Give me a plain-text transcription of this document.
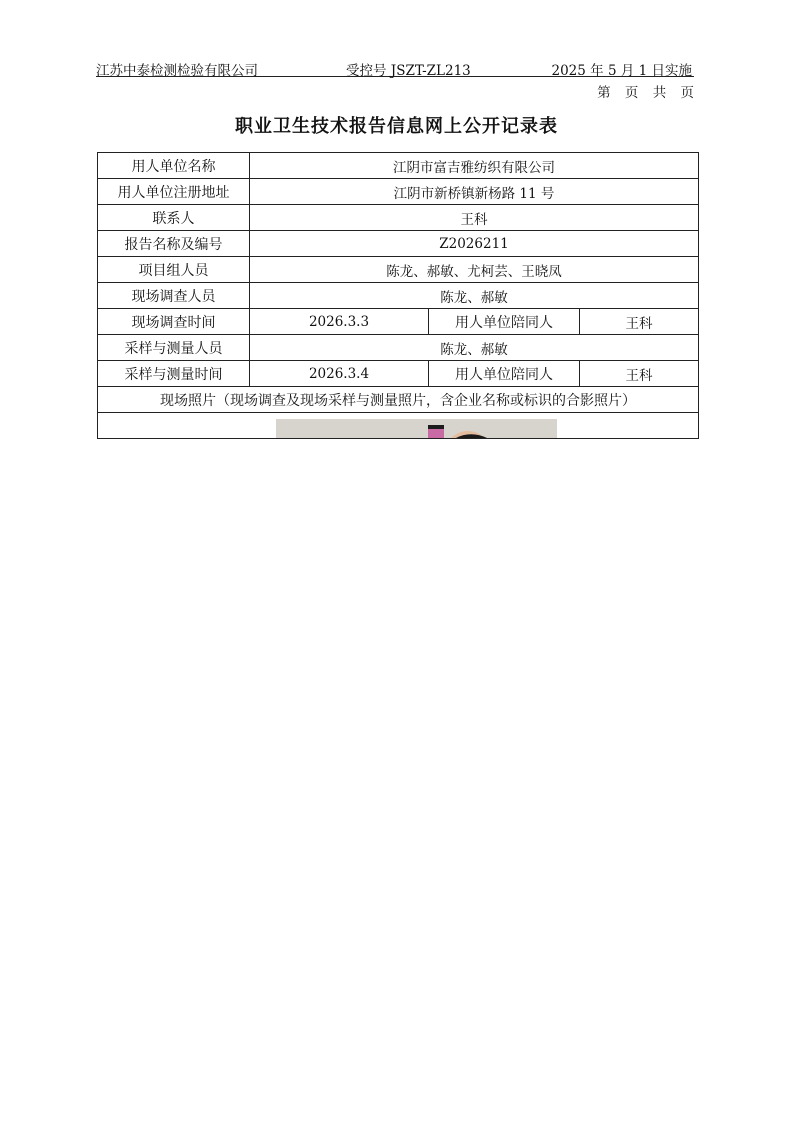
江苏中泰检测检验有限公司	受控号 JSZT-ZL213	2025 年 5 月 1 日实施
第 页 共 页
职业卫生技术报告信息网上公开记录表
用人单位名称	江阴市富吉雅纺织有限公司		
用人单位注册地址	江阴市新桥镇新杨路 11 号		
联系人	王科		
报告名称及编号	Z2026211		
项目组人员	陈龙、郝敏、尤柯芸、王晓凤		
现场调查人员	陈龙、郝敏		
现场调查时间	2026.3.3	用人单位陪同人	王科
采样与测量人员	陈龙、郝敏		
采样与测量时间	2026.3.4	用人单位陪同人	王科
现场照片（现场调查及现场采样与测量照片，含企业名称或标识的合影照片）			
